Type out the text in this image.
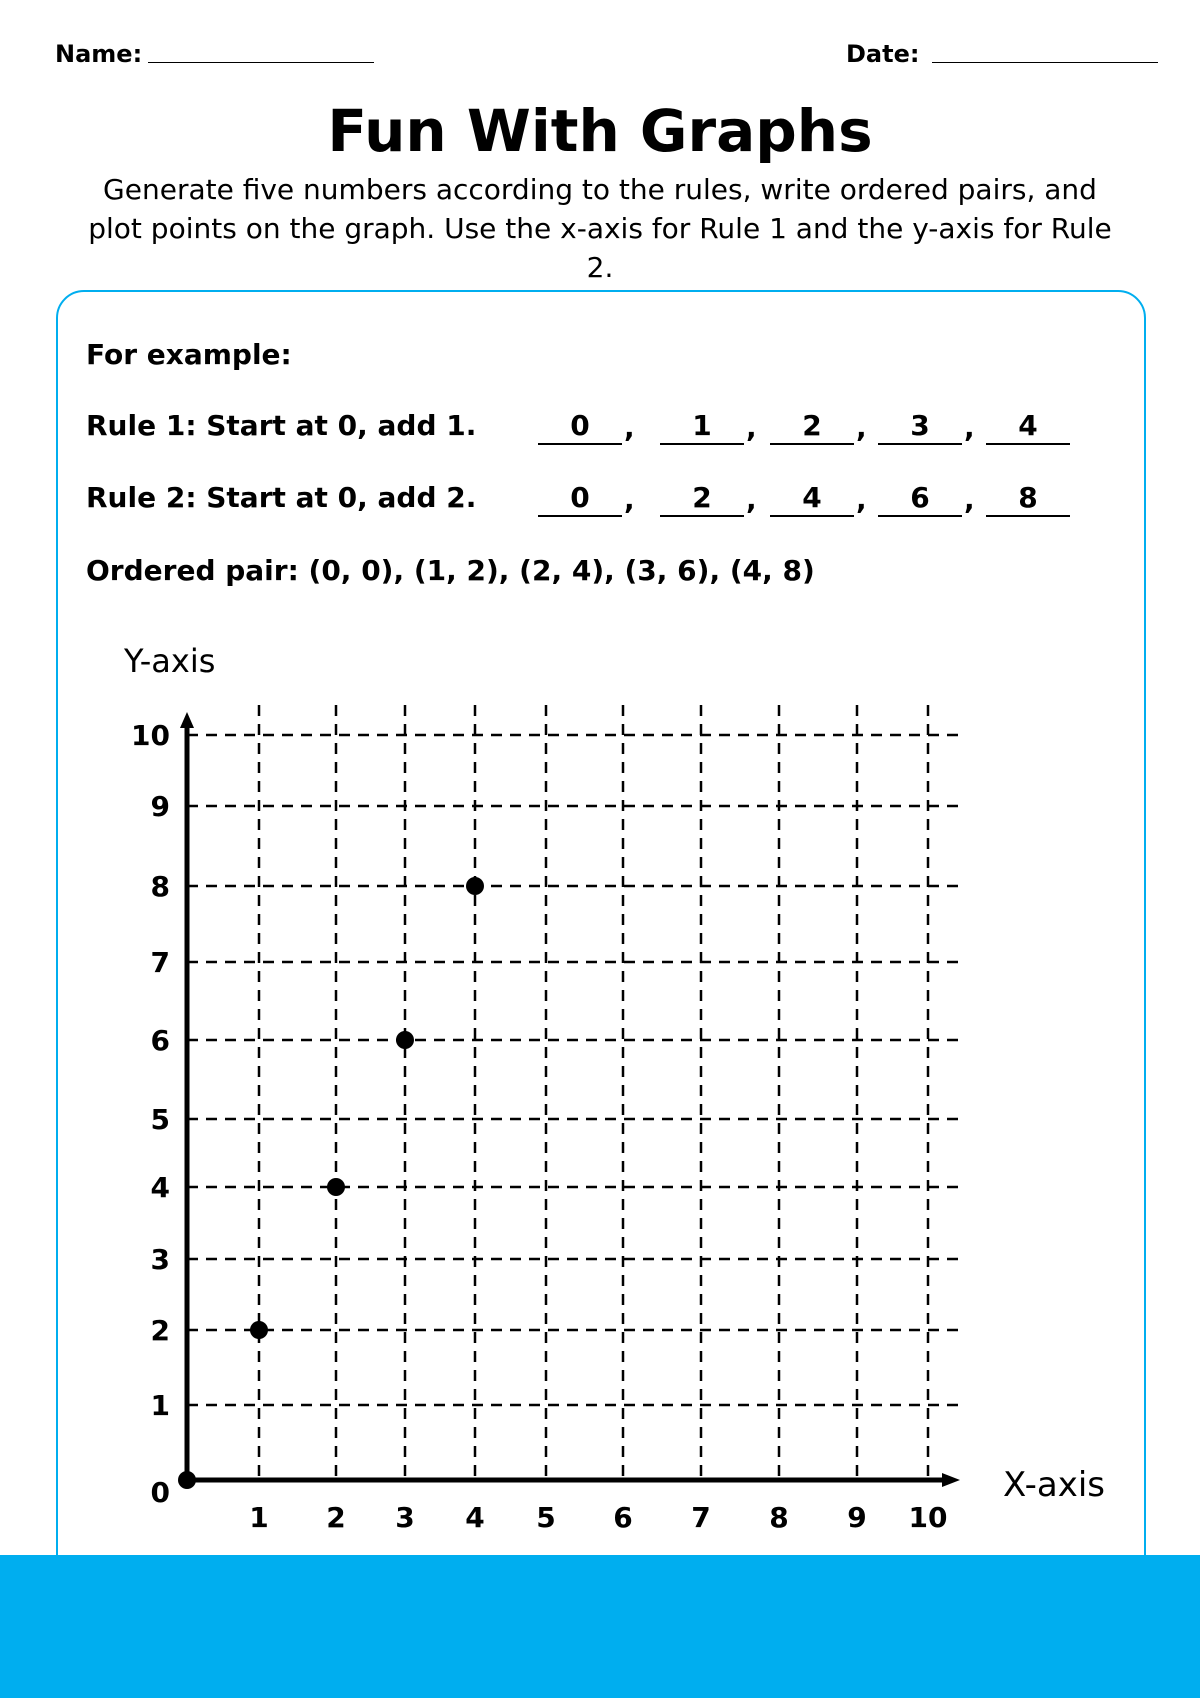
Name:	Date:
Fun With Graphs
Generate five numbers according to the rules, write ordered pairs, and plot points on the graph. Use the x-axis for Rule 1 and the y-axis for Rule 2.
For example:
Rule 1: Start at 0, add 1.	0	,	1	,	2	,	3	,	4
Rule 2: Start at 0, add 2.	0	,	2	,	4	,	6	,	8
Ordered pair: (0, 0), (1, 2), (2, 4), (3, 6), (4, 8)
1 2 3 4 5 6 7 8 9 10
0
1
2
3
4
5
6
7
8
9
10
Y-axis
X-axis
